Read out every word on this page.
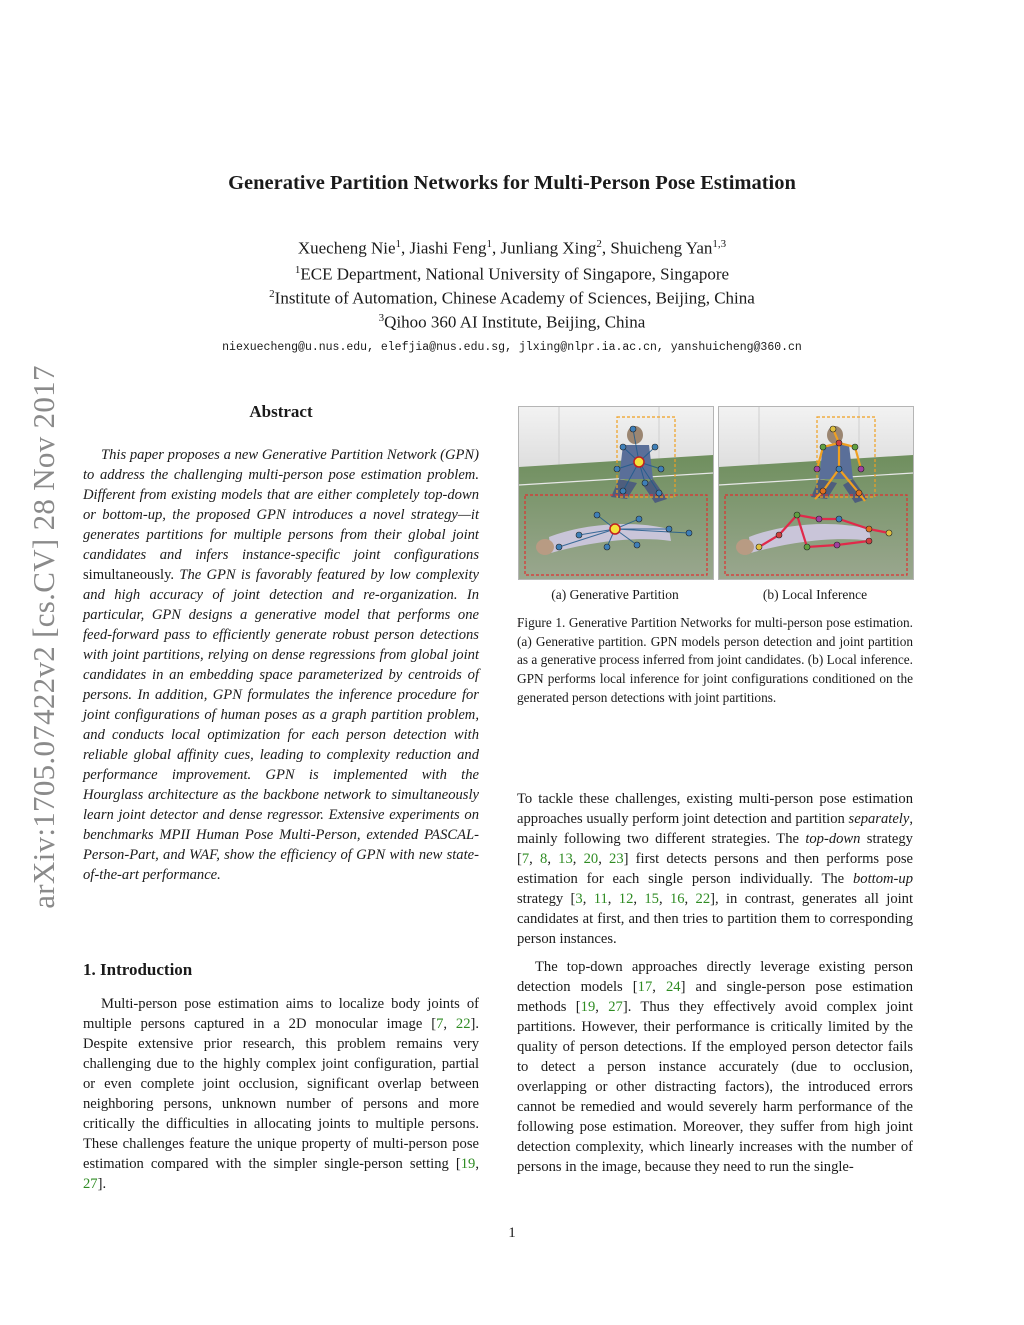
Generative Partition Networks for Multi-Person Pose Estimation
Xuecheng Nie$^1$, Jiashi Feng$^1$, Junliang Xing$^2$, Shuicheng Yan$^{1,3}$
$^1$ECE Department, National University of Singapore, Singapore
$^2$Institute of Automation, Chinese Academy of Sciences, Beijing, China
$^3$Qihoo 360 AI Institute, Beijing, China
niexuecheng@u.nus.edu, elefjia@nus.edu.sg, jlxing@nlpr.ia.ac.cn, yanshuicheng@360.cn
arXiv:1705.07422v2 [cs.CV] 28 Nov 2017	Abstract
This paper proposes a new Generative Partition Network (GPN) to address the challenging multi-person pose estimation problem. Different from existing models that are either completely top-down or bottom-up, the proposed GPN introduces a novel strategy—it generates partitions for multiple persons from their global joint candidates and infers instance-specific joint configurations simultaneously. The GPN is favorably featured by low complexity and high accuracy of joint detection and re-organization. In particular, GPN designs a generative model that performs one feed-forward pass to efficiently generate robust person detections with joint partitions, relying on dense regressions from global joint candidates in an embedding space parameterized by centroids of persons. In addition, GPN formulates the inference procedure for joint configurations of human poses as a graph partition problem, and conducts local optimization for each person detection with reliable global affinity cues, leading to complexity reduction and performance improvement. GPN is implemented with the Hourglass architecture as the backbone network to simultaneously learn joint detector and dense regressor. Extensive experiments on benchmarks MPII Human Pose Multi-Person, extended PASCAL-Person-Part, and WAF, show the efficiency of GPN with new state-of-the-art performance.
1. Introduction
Multi-person pose estimation aims to localize body joints of multiple persons captured in a 2D monocular image [7, 22]. Despite extensive prior research, this problem remains very challenging due to the highly complex joint configuration, partial or even complete joint occlusion, significant overlap between neighboring persons, unknown number of persons and more critically the difficulties in allocating joints to multiple persons. These challenges feature the unique property of multi-person pose estimation compared with the simpler single-person setting [19, 27].
(a) Generative Partition	(b) Local Inference
Figure 1. Generative Partition Networks for multi-person pose estimation. (a) Generative partition. GPN models person detection and joint partition as a generative process inferred from joint candidates. (b) Local inference. GPN performs local inference for joint configurations conditioned on the generated person detections with joint partitions.
To tackle these challenges, existing multi-person pose estimation approaches usually perform joint detection and partition separately, mainly following two different strategies. The top-down strategy [7, 8, 13, 20, 23] first detects persons and then performs pose estimation for each single person individually. The bottom-up strategy [3, 11, 12, 15, 16, 22], in contrast, generates all joint candidates at first, and then tries to partition them to corresponding person instances.
The top-down approaches directly leverage existing person detection models [17, 24] and single-person pose estimation methods [19, 27]. Thus they effectively avoid complex joint partitions. However, their performance is critically limited by the quality of person detections. If the employed person detector fails to detect a person instance accurately (due to occlusion, overlapping or other distracting factors), the introduced errors cannot be remedied and would severely harm performance of the following pose estimation. Moreover, they suffer from high joint detection complexity, which linearly increases with the number of persons in the image, because they need to run the single-
1
